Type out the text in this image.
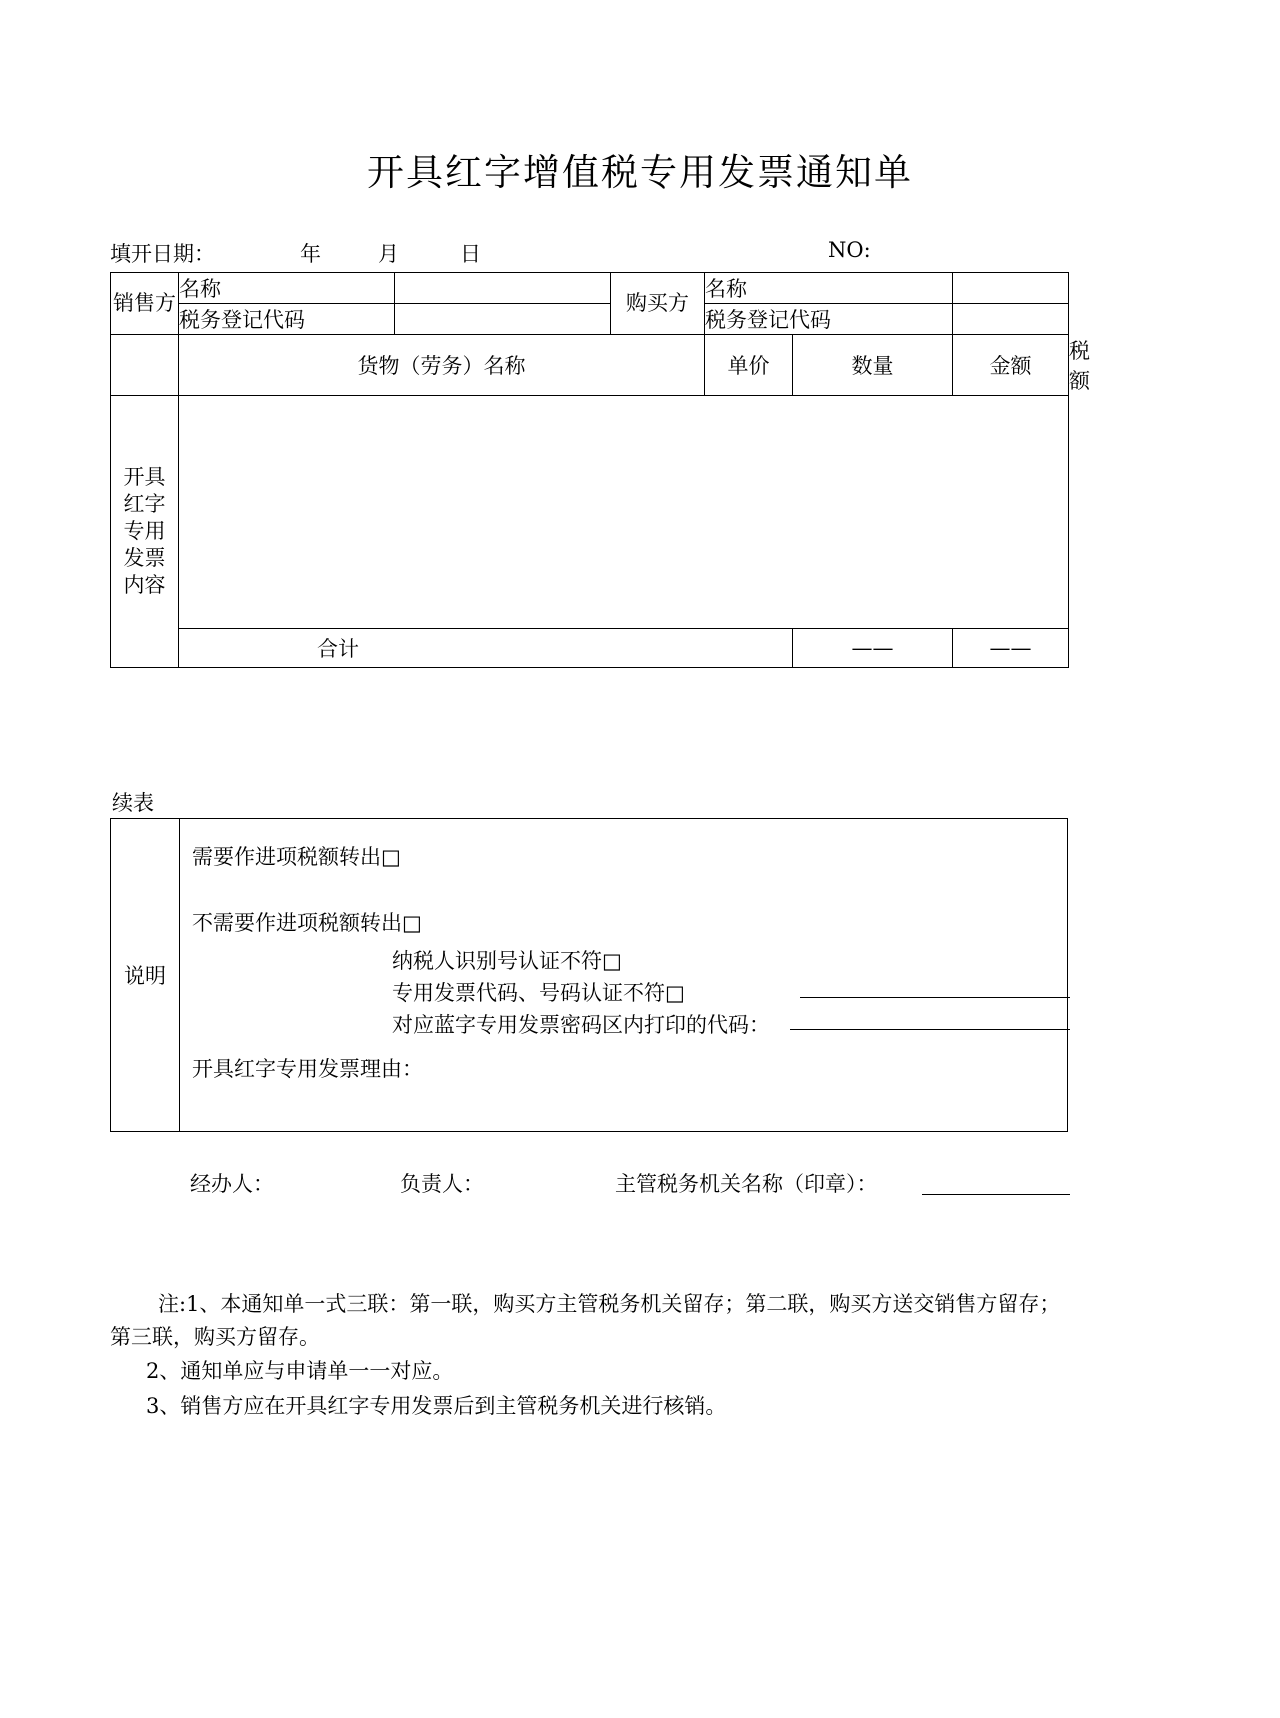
开具红字增值税专用发票通知单
填开日期：	年	月	日	NO:
销售方	名称		购买方	名称			
	税务登记代码			税务登记代码			
	货物（劳务）名称			单价	数量	金额	税额

开具
红字
专用
发票
内容							

	合计				——	——	
续表
说明	
需要作进项税额转出□
不需要作进项税额转出□
纳税人识别号认证不符□
专用发票代码、号码认证不符□
对应蓝字专用发票密码区内打印的代码：
开具红字专用发票理由：
经办人：	负责人：	主管税务机关名称（印章）：
注:1、本通知单一式三联：第一联，购买方主管税务机关留存；第二联，购买方送交销售方留存；第三联，购买方留存。
2、通知单应与申请单一一对应。
3、销售方应在开具红字专用发票后到主管税务机关进行核销。
